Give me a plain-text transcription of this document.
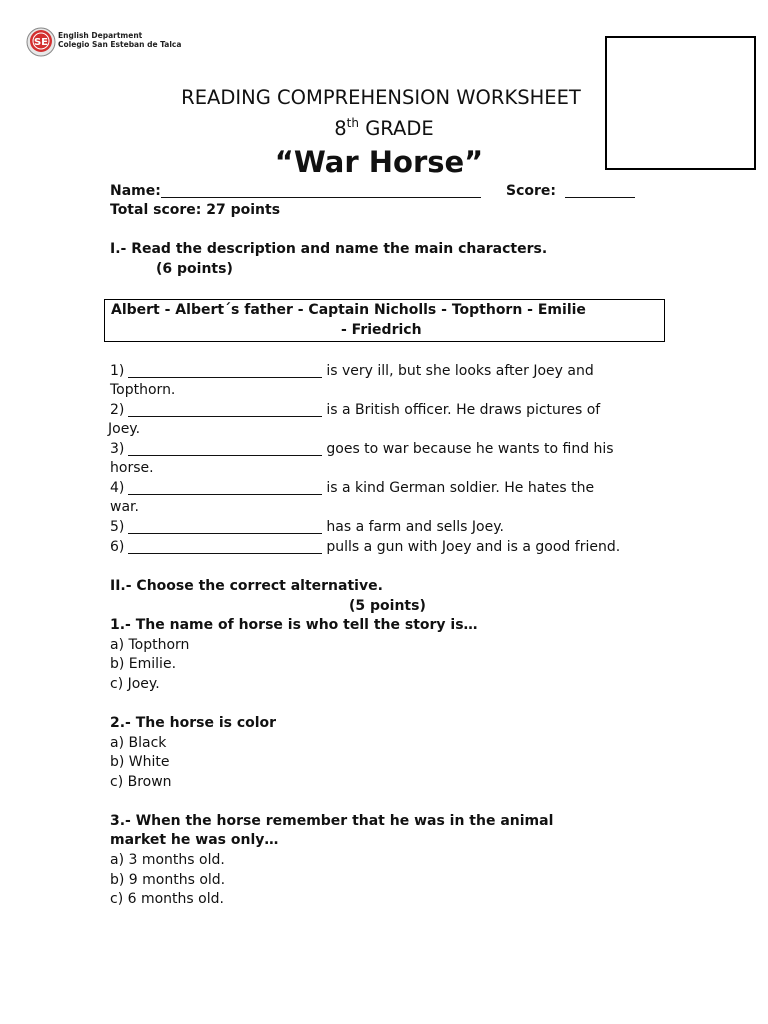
SE
English Department
Colegio San Esteban de Talca
READING COMPREHENSION WORKSHEET
8th GRADE
“War Horse”
Name:	Score:
Total score: 27 points
I.- Read the description and name the main characters.
(6 points)
Albert - Albert´s father - Captain Nicholls - Topthorn - Emilie
- Friedrich
1)	is very ill, but she looks after Joey and
Topthorn.
2)	is a British officer. He draws pictures of
Joey.
3)	goes to war because he wants to find his
horse.
4)	is a kind German soldier. He hates the
war.
5)	has a farm and sells Joey.
6)	pulls a gun with Joey and is a good friend.
II.- Choose the correct alternative.
(5 points)
1.- The name of horse is who tell the story is…
a) Topthorn
b) Emilie.
c) Joey.
2.- The horse is color
a) Black
b) White
c) Brown
3.- When the horse remember that he was in the animal
market he was only…
a) 3 months old.
b) 9 months old.
c) 6 months old.
